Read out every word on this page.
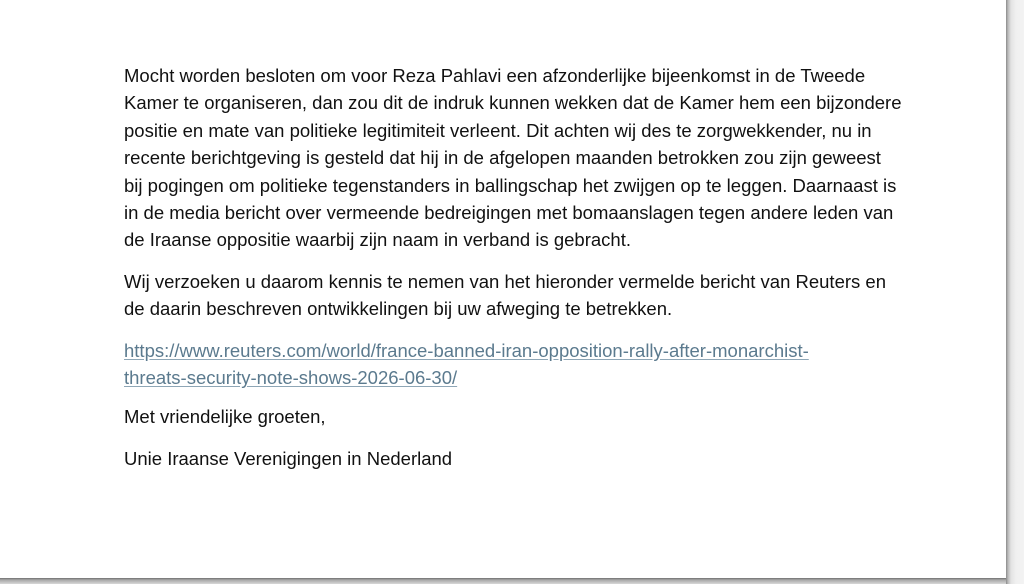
Mocht worden besloten om voor Reza Pahlavi een afzonderlijke bijeenkomst in de Tweede Kamer te organiseren, dan zou dit de indruk kunnen wekken dat de Kamer hem een bijzondere positie en mate van politieke legitimiteit verleent. Dit achten wij des te zorgwekkender, nu in recente berichtgeving is gesteld dat hij in de afgelopen maanden betrokken zou zijn geweest bij pogingen om politieke tegenstanders in ballingschap het zwijgen op te leggen. Daarnaast is in de media bericht over vermeende bedreigingen met bomaanslagen tegen andere leden van de Iraanse oppositie waarbij zijn naam in verband is gebracht.

Wij verzoeken u daarom kennis te nemen van het hieronder vermelde bericht van Reuters en de daarin beschreven ontwikkelingen bij uw afweging te betrekken.

https://www.reuters.com/world/france-banned-iran-opposition-rally-after-monarchist-
threats-security-note-shows-2026-06-30/

Met vriendelijke groeten,

Unie Iraanse Verenigingen in Nederland
